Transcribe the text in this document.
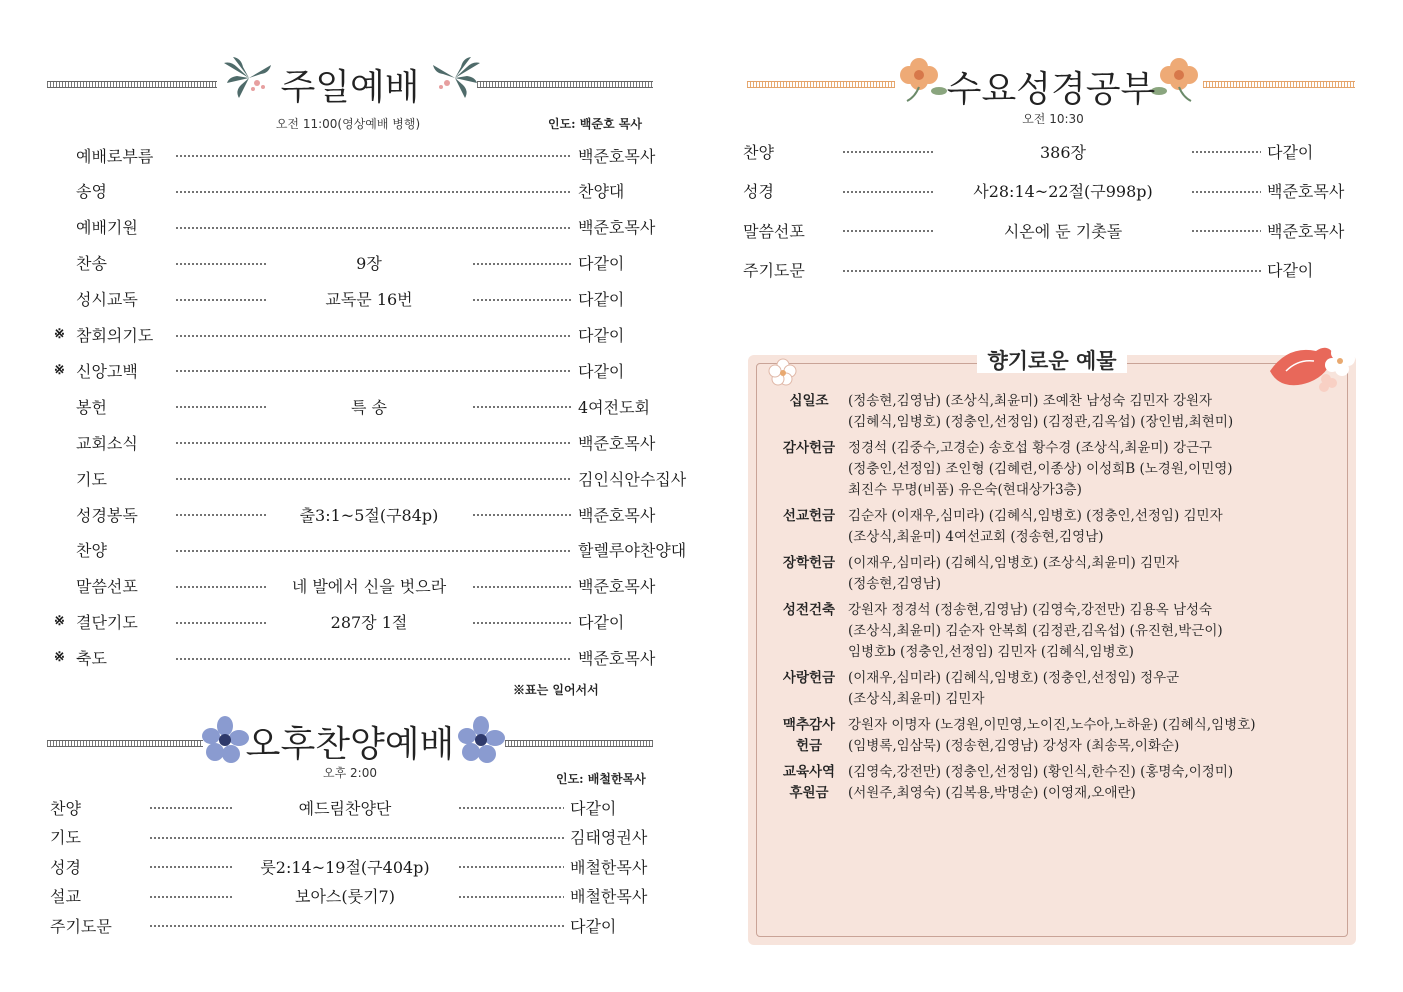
주일예배
오전 11:00(영상예배 병행)	인도: 백준호 목사
예배로부름	백준호목사
송영	찬양대
예배기원	백준호목사
찬송	9장	다같이
성시교독	교독문 16번	다같이
※ 참회의기도	다같이
※ 신앙고백	다같이
봉헌	특 송	4여전도회
교회소식	백준호목사
기도	김인식안수집사
성경봉독	출3:1~5절(구84p)	백준호목사
찬양	할렐루야찬양대
말씀선포	네 발에서 신을 벗으라	백준호목사
※ 결단기도	287장 1절	다같이
※ 축도	백준호목사
※표는 일어서서
오후찬양예배
오후 2:00	인도: 배철한목사
찬양	예드림찬양단	다같이
기도	김태영권사
성경	룻2:14~19절(구404p)	배철한목사
설교	보아스(룻기7)	배철한목사
주기도문	다같이
수요성경공부
오전 10:30
찬양	386장	다같이
성경	사28:14~22절(구998p)	백준호목사
말씀선포	시온에 둔 기촛돌	백준호목사
주기도문	다같이
향기로운 예물
십일조	(정송현,김영남) (조상식,최윤미) 조예찬 남성숙 김민자 강원자
(김혜식,임병호) (정충인,선정임) (김정관,김옥섭) (장인범,최현미)
감사헌금 정경석 (김중수,고경순) 송호섭 황수경 (조상식,최윤미) 강근구
(정충인,선정임) 조인형 (김혜련,이종상) 이성희B (노경원,이민영)
최진수 무명(비품) 유은숙(현대상가3층)
선교헌금 김순자 (이재우,심미라) (김혜식,임병호) (정충인,선정임) 김민자
(조상식,최윤미) 4여선교회 (정송현,김영남)
장학헌금 (이재우,심미라) (김혜식,임병호) (조상식,최윤미) 김민자
(정송현,김영남)
성전건축 강원자 정경석 (정송현,김영남) (김영숙,강전만) 김용옥 남성숙
(조상식,최윤미) 김순자 안복희 (김정관,김옥섭) (유진현,박근이)
임병호b (정충인,선정임) 김민자 (김혜식,임병호)
사랑헌금 (이재우,심미라) (김혜식,임병호) (정충인,선정임) 정우군
(조상식,최윤미) 김민자
맥추감사
헌금
강원자 이명자 (노경원,이민영,노이진,노수아,노하윤) (김혜식,임병호)
(임병록,임삼묵) (정송현,김영남) 강성자 (최송목,이화순)
교육사역
후원금
(김영숙,강전만) (정충인,선정임) (황인식,한수진) (홍명숙,이정미)
(서원주,최영숙) (김복용,박명순) (이영재,오애란)
